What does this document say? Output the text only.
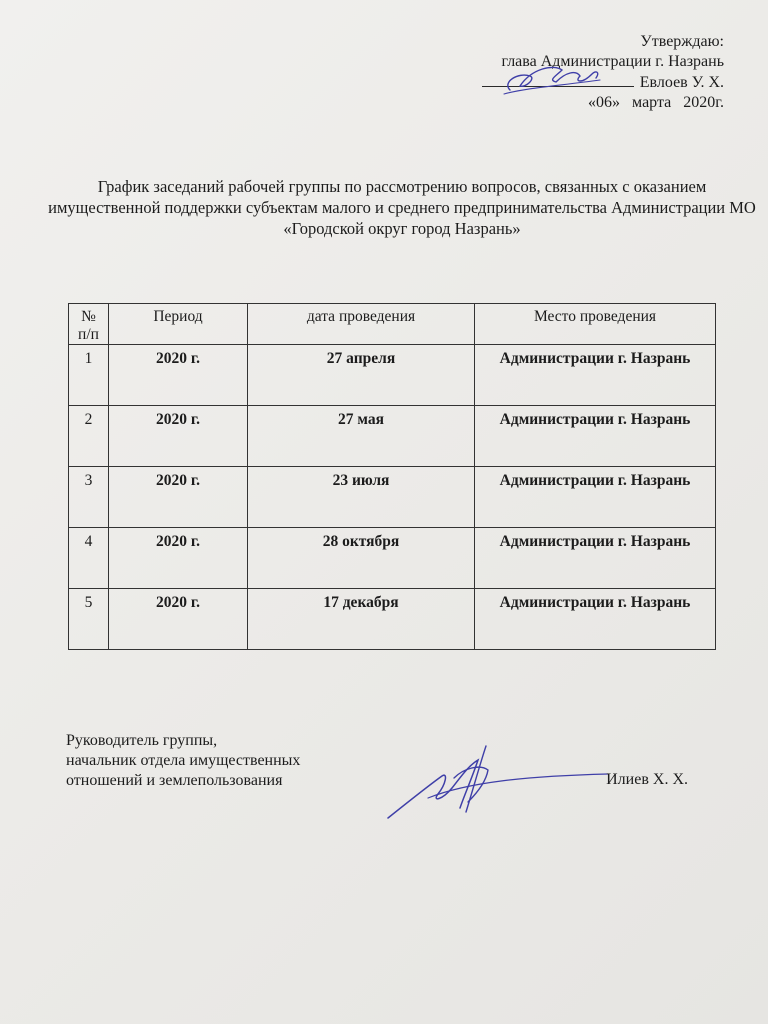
Утверждаю:
глава Администрации г. Назрань
Евлоев У. Х.
«06»   марта   2020г.
График заседаний рабочей группы по рассмотрению вопросов, связанных с оказанием имущественной поддержки субъектам малого и среднего предпринимательства Администрации МО «Городской округ город Назрань»
№ п/п	Период	дата проведения	Место проведения
1	2020 г.	27 апреля	Администрации г. Назрань
2	2020 г.	27 мая	Администрации г. Назрань
3	2020 г.	23 июля	Администрации г. Назрань
4	2020 г.	28 октября	Администрации г. Назрань
5	2020 г.	17 декабря	Администрации г. Назрань
Руководитель группы,
начальник отдела имущественных
отношений и землепользования	Илиев Х. Х.
